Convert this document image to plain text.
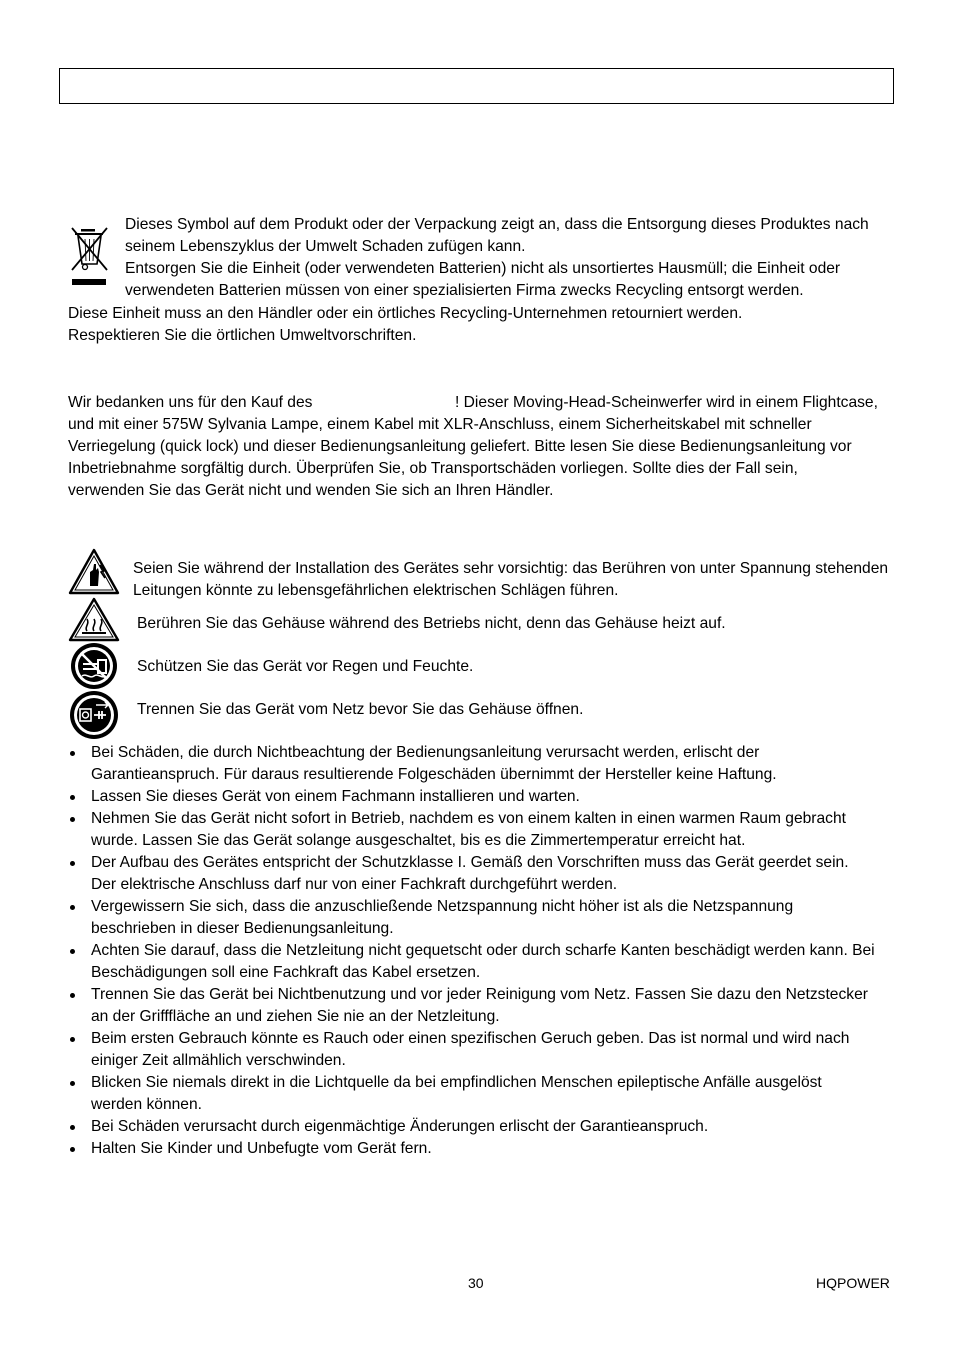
Dieses Symbol auf dem Produkt oder der Verpackung zeigt an, dass die Entsorgung dieses Produktes nach
seinem Lebenszyklus der Umwelt Schaden zufügen kann.
Entsorgen Sie die Einheit (oder verwendeten Batterien) nicht als unsortiertes Hausmüll; die Einheit oder
verwendeten Batterien müssen von einer spezialisierten Firma zwecks Recycling entsorgt werden.
Diese Einheit muss an den Händler oder ein örtliches Recycling-Unternehmen retourniert werden.
Respektieren Sie die örtlichen Umweltvorschriften.
Wir bedanken uns für den Kauf des	! Dieser Moving-Head-Scheinwerfer wird in einem Flightcase,
und mit einer 575W Sylvania Lampe, einem Kabel mit XLR-Anschluss, einem Sicherheitskabel mit schneller
Verriegelung (quick lock) und dieser Bedienungsanleitung geliefert. Bitte lesen Sie diese Bedienungsanleitung vor
Inbetriebnahme sorgfältig durch. Überprüfen Sie, ob Transportschäden vorliegen. Sollte dies der Fall sein,
verwenden Sie das Gerät nicht und wenden Sie sich an Ihren Händler.
Seien Sie während der Installation des Gerätes sehr vorsichtig: das Berühren von unter Spannung stehenden
Leitungen könnte zu lebensgefährlichen elektrischen Schlägen führen.
Berühren Sie das Gehäuse während des Betriebs nicht, denn das Gehäuse heizt auf.
Schützen Sie das Gerät vor Regen und Feuchte.
Trennen Sie das Gerät vom Netz bevor Sie das Gehäuse öffnen.
Bei Schäden, die durch Nichtbeachtung der Bedienungsanleitung verursacht werden, erlischt der
Garantieanspruch. Für daraus resultierende Folgeschäden übernimmt der Hersteller keine Haftung.
Lassen Sie dieses Gerät von einem Fachmann installieren und warten.
Nehmen Sie das Gerät nicht sofort in Betrieb, nachdem es von einem kalten in einen warmen Raum gebracht
wurde. Lassen Sie das Gerät solange ausgeschaltet, bis es die Zimmertemperatur erreicht hat.
Der Aufbau des Gerätes entspricht der Schutzklasse I. Gemäß den Vorschriften muss das Gerät geerdet sein.
Der elektrische Anschluss darf nur von einer Fachkraft durchgeführt werden.
Vergewissern Sie sich, dass die anzuschließende Netzspannung nicht höher ist als die Netzspannung
beschrieben in dieser Bedienungsanleitung.
Achten Sie darauf, dass die Netzleitung nicht gequetscht oder durch scharfe Kanten beschädigt werden kann. Bei
Beschädigungen soll eine Fachkraft das Kabel ersetzen.
Trennen Sie das Gerät bei Nichtbenutzung und vor jeder Reinigung vom Netz. Fassen Sie dazu den Netzstecker
an der Grifffläche an und ziehen Sie nie an der Netzleitung.
Beim ersten Gebrauch könnte es Rauch oder einen spezifischen Geruch geben. Das ist normal und wird nach
einiger Zeit allmählich verschwinden.
Blicken Sie niemals direkt in die Lichtquelle da bei empfindlichen Menschen epileptische Anfälle ausgelöst
werden können.
Bei Schäden verursacht durch eigenmächtige Änderungen erlischt der Garantieanspruch.
Halten Sie Kinder und Unbefugte vom Gerät fern.
30	HQPOWER
